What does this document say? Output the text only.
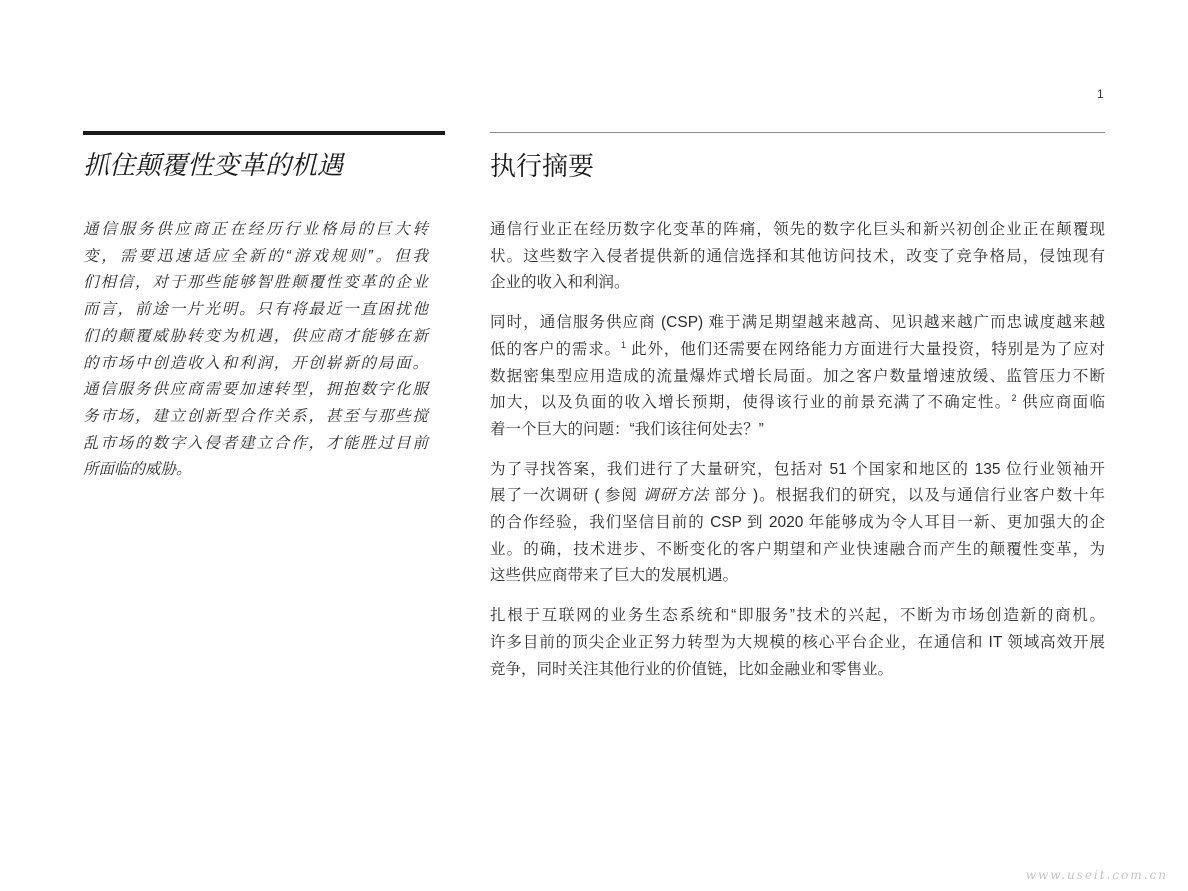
1
抓住颠覆性变革的机遇
通信服务供应商正在经历行业格局的巨大转
变，需要迅速适应全新的“游戏规则”。但我
们相信，对于那些能够智胜颠覆性变革的企业
而言，前途一片光明。只有将最近一直困扰他
们的颠覆威胁转变为机遇，供应商才能够在新
的市场中创造收入和利润，开创崭新的局面。
通信服务供应商需要加速转型，拥抱数字化服
务市场，建立创新型合作关系，甚至与那些搅
乱市场的数字入侵者建立合作，才能胜过目前
所面临的威胁。
执行摘要
通信行业正在经历数字化变革的阵痛，领先的数字化巨头和新兴初创企业正在颠覆现
状。这些数字入侵者提供新的通信选择和其他访问技术，改变了竞争格局，侵蚀现有
企业的收入和利润。
同时，通信服务供应商 (CSP) 难于满足期望越来越高、见识越来越广而忠诚度越来越
低的客户的需求。$^1$ 此外，他们还需要在网络能力方面进行大量投资，特别是为了应对
数据密集型应用造成的流量爆炸式增长局面。加之客户数量增速放缓、监管压力不断
加大，以及负面的收入增长预期，使得该行业的前景充满了不确定性。$^2$ 供应商面临
着一个巨大的问题：“我们该往何处去？”
为了寻找答案，我们进行了大量研究，包括对 51 个国家和地区的 135 位行业领袖开
展了一次调研 ( 参阅 调研方法 部分 )。根据我们的研究，以及与通信行业客户数十年
的合作经验，我们坚信目前的 CSP 到 2020 年能够成为令人耳目一新、更加强大的企
业。的确，技术进步、不断变化的客户期望和产业快速融合而产生的颠覆性变革，为
这些供应商带来了巨大的发展机遇。
扎根于互联网的业务生态系统和“即服务”技术的兴起，不断为市场创造新的商机。
许多目前的顶尖企业正努力转型为大规模的核心平台企业，在通信和 IT 领域高效开展
竞争，同时关注其他行业的价值链，比如金融业和零售业。
www.useit.com.cn
